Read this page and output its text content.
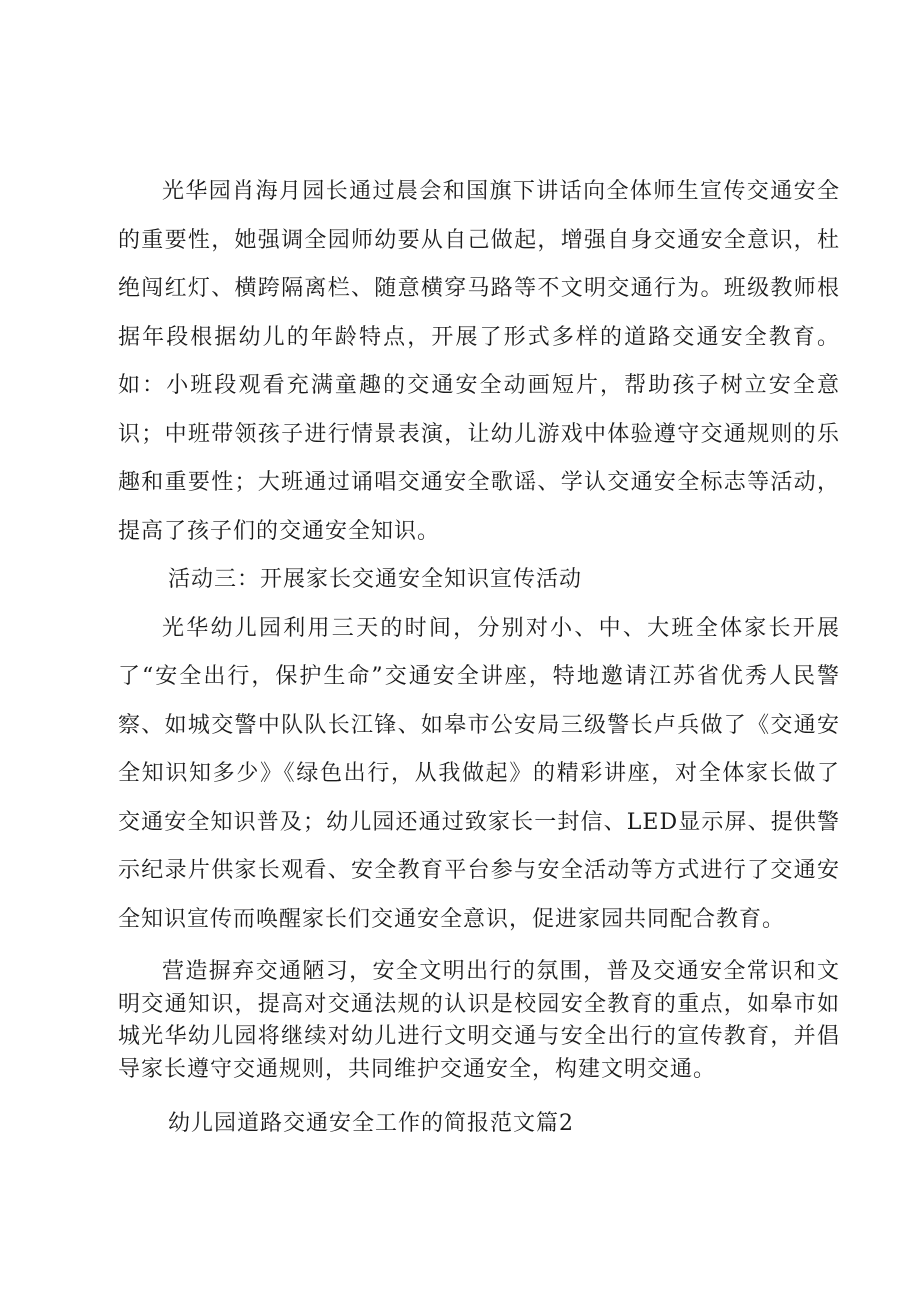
光华园肖海月园长通过晨会和国旗下讲话向全体师生宣传交通安全的重要性，她强调全园师幼要从自己做起，增强自身交通安全意识，杜绝闯红灯、横跨隔离栏、随意横穿马路等不文明交通行为。班级教师根据年段根据幼儿的年龄特点，开展了形式多样的道路交通安全教育。如：小班段观看充满童趣的交通安全动画短片，帮助孩子树立安全意识；中班带领孩子进行情景表演，让幼儿游戏中体验遵守交通规则的乐趣和重要性；大班通过诵唱交通安全歌谣、学认交通安全标志等活动，提高了孩子们的交通安全知识。

活动三：开展家长交通安全知识宣传活动

光华幼儿园利用三天的时间，分别对小、中、大班全体家长开展了“安全出行，保护生命”交通安全讲座，特地邀请江苏省优秀人民警察、如城交警中队队长江锋、如皋市公安局三级警长卢兵做了《交通安全知识知多少》《绿色出行，从我做起》的精彩讲座，对全体家长做了交通安全知识普及；幼儿园还通过致家长一封信、LED显示屏、提供警示纪录片供家长观看、安全教育平台参与安全活动等方式进行了交通安全知识宣传而唤醒家长们交通安全意识，促进家园共同配合教育。

营造摒弃交通陋习，安全文明出行的氛围，普及交通安全常识和文明交通知识，提高对交通法规的认识是校园安全教育的重点，如皋市如城光华幼儿园将继续对幼儿进行文明交通与安全出行的宣传教育，并倡导家长遵守交通规则，共同维护交通安全，构建文明交通。

幼儿园道路交通安全工作的简报范文篇2
